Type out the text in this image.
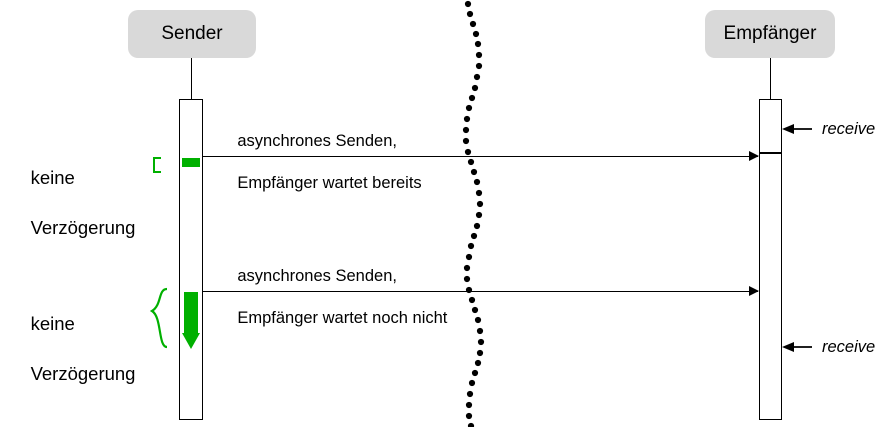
Sender	Empfänger

asynchrones Senden,

Empfänger wartet noch nicht

asynchrones Senden,

Empfänger wartet bereits

keine

Verzögerung

keine

Verzögerung

receive
receive
